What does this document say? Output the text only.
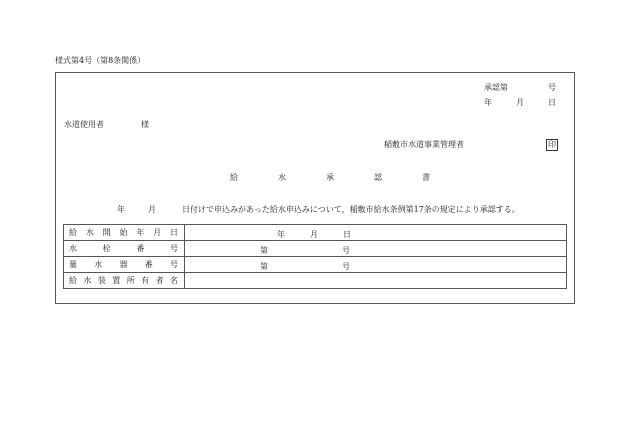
様式第4号（第8条関係）
承認第	号
年	月	日
水道使用者	様
稲敷市水道事業管理者	印
給水承認書
年	月	日付けで申込みがあった給水申込みについて，稲敷市給水条例第17条の規定により承認する。
給水開始年月日	年 月 日

水栓番号	第 号

量水器番号	第 号

給水装置所有者名	
